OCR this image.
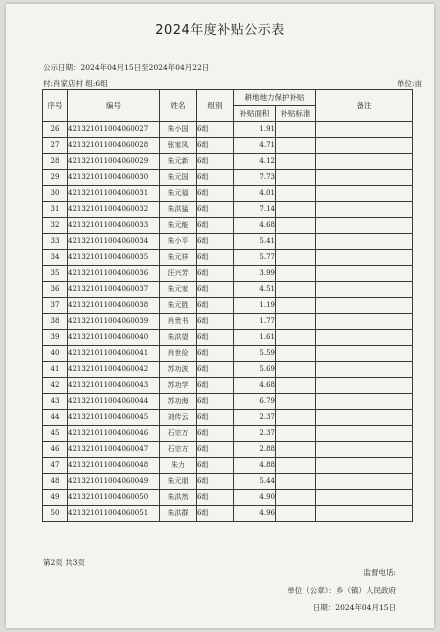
2024年度补贴公示表
公示日期：2024年04月15日至2024年04月22日
村:肖家店村 组:6组	单位:亩
序号	编号	姓名	组别	耕地地力保护补贴		备注
				补贴面积	补贴标准	
26	421321011004060027	朱小国	6组	1.91		
27	421321011004060028	张家凤	6组	4.71		
28	421321011004060029	朱元新	6组	4.12		
29	421321011004060030	朱元国	6组	7.73		
30	421321011004060031	朱元福	6组	4.01		
31	421321011004060032	朱洪猛	6组	7.14		
32	421321011004060033	朱元能	6组	4.68		
33	421321011004060034	朱小平	6组	5.41		
34	421321011004060035	朱元祥	6组	5.77		
35	421321011004060036	汪兴芳	6组	3.99		
36	421321011004060037	朱元家	6组	4.51		
37	421321011004060038	朱元胜	6组	1.19		
38	421321011004060039	肖贵书	6组	1.77		
39	421321011004060040	朱洪望	6组	1.61		
40	421321011004060041	肖世俭	6组	5.59		
41	421321011004060042	苏功波	6组	5.69		
42	421321011004060043	苏功学	6组	4.68		
43	421321011004060044	苏功海	6组	6.79		
44	421321011004060045	刘传云	6组	2.37		
45	421321011004060046	石宗万	6组	2.37		
46	421321011004060047	石宗方	6组	2.88		
47	421321011004060048	朱力	6组	4.88		
48	421321011004060049	朱元朋	6组	5.44		
49	421321011004060050	朱洪然	6组	4.90		
50	421321011004060051	朱洪群	6组	4.96		
第2页 共3页
监督电话:
单位（公章）：乡（镇）人民政府
日期：2024年04月15日
